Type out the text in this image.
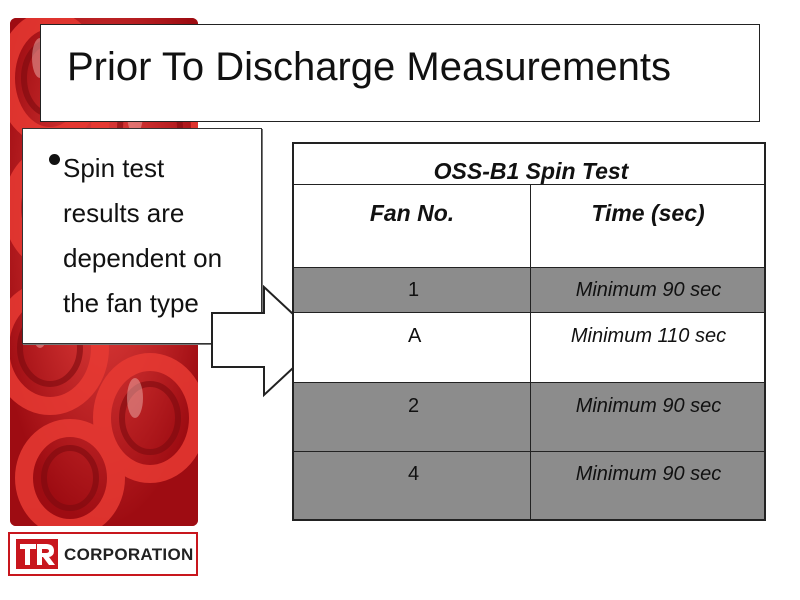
Prior To Discharge Measurements
Spin test
results are
dependent on
the fan type
OSS-B1 Spin Test
Fan No.	Time (sec)
1	Minimum 90 sec
A	Minimum 110 sec
2	Minimum 90 sec
4	Minimum 90 sec
CORPORATION
